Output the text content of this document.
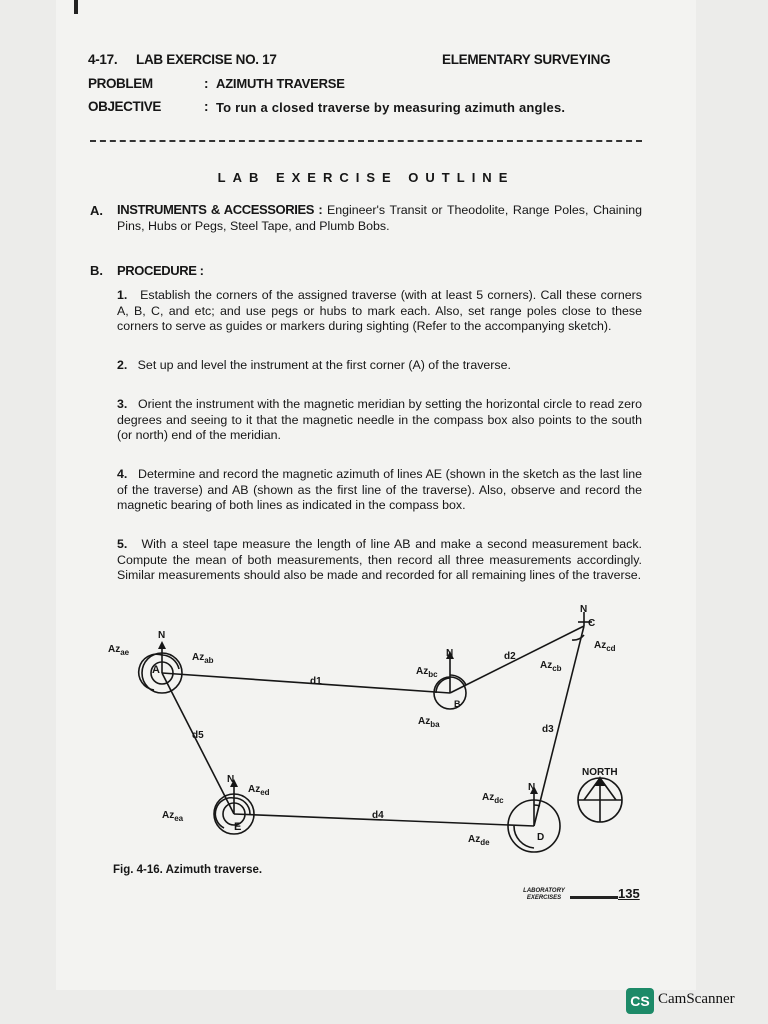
4-17. LAB EXERCISE NO. 17	ELEMENTARY SURVEYING
PROBLEM	: AZIMUTH TRAVERSE
OBJECTIVE	: To run a closed traverse by measuring azimuth angles.
LAB EXERCISE OUTLINE
A. INSTRUMENTS & ACCESSORIES : Engineer's Transit or Theodolite, Range Poles, Chaining Pins, Hubs or Pegs, Steel Tape, and Plumb Bobs.
B. PROCEDURE :
1. Establish the corners of the assigned traverse (with at least 5 corners). Call these corners A, B, C, and etc; and use pegs or hubs to mark each. Also, set range poles close to these corners to serve as guides or markers during sighting (Refer to the accompanying sketch).
2. Set up and level the instrument at the first corner (A) of the traverse.
3. Orient the instrument with the magnetic meridian by setting the horizontal circle to read zero degrees and seeing to it that the magnetic needle in the compass box also points to the south (or north) end of the meridian.
4. Determine and record the magnetic azimuth of lines AE (shown in the sketch as the last line of the traverse) and AB (shown as the first line of the traverse). Also, observe and record the magnetic bearing of both lines as indicated in the compass box.
5. With a steel tape measure the length of line AB and make a second measurement back. Compute the mean of both measurements, then record all three measurements accordingly. Similar measurements should also be made and recorded for all remaining lines of the traverse.
N
N
N
N
N
A
B
C
D
E
d1
d2
d3
d4
d5
$Az_{ae}$	$Az_{ab}$
$Az_{bc}$
$Az_{ba}$
$Az_{cb}$
$Az_{cd}$
$Az_{dc}$
$Az_{de}$
$Az_{ed}$
$Az_{ea}$
NORTH
Fig. 4-16. Azimuth traverse.
LABORATORY
EXERCISES	135
CS CamScanner
